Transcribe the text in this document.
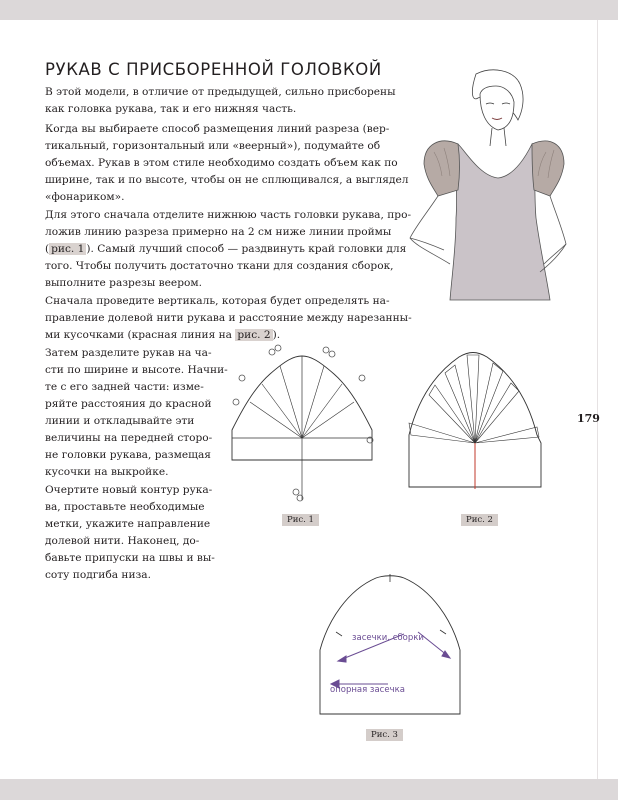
РУКАВ С ПРИСБОРЕННОЙ ГОЛОВКОЙ
В этой модели, в отличие от предыдущей, сильно присборены
как головка рукава, так и его нижняя часть.
Когда вы выбираете способ размещения линий разреза (вер-
тикальный, горизонтальный или «веерный»), подумайте об
объемах. Рукав в этом стиле необходимо создать объем как по
ширине, так и по высоте, чтобы он не сплющивался, а выглядел
«фонариком».
Для этого сначала отделите нижнюю часть головки рукава, про-
ложив линию разреза примерно на 2 см ниже линии проймы
( рис. 1 ). Самый лучший способ — раздвинуть край головки для
того. Чтобы получить достаточно ткани для создания сборок,
выполните разрезы веером.
Сначала проведите вертикаль, которая будет определять на-
правление долевой нити рукава и расстояние между нарезанны-
ми кусочками (красная линия на рис. 2 ).
Затем разделите рукав на ча-
сти по ширине и высоте. Начни-
те с его задней части: изме-
ряйте расстояния до красной
линии и откладывайте эти
величины на передней сторо-
не головки рукава, размещая
кусочки на выкройке.
Очертите новый контур рука-
ва, проставьте необходимые
метки, укажите направление
долевой нити. Наконец, до-
бавьте припуски на швы и вы-
соту подгиба низа.
179
засечки, сборки
опорная засечка
Рис. 1	Рис. 2
Рис. 3
